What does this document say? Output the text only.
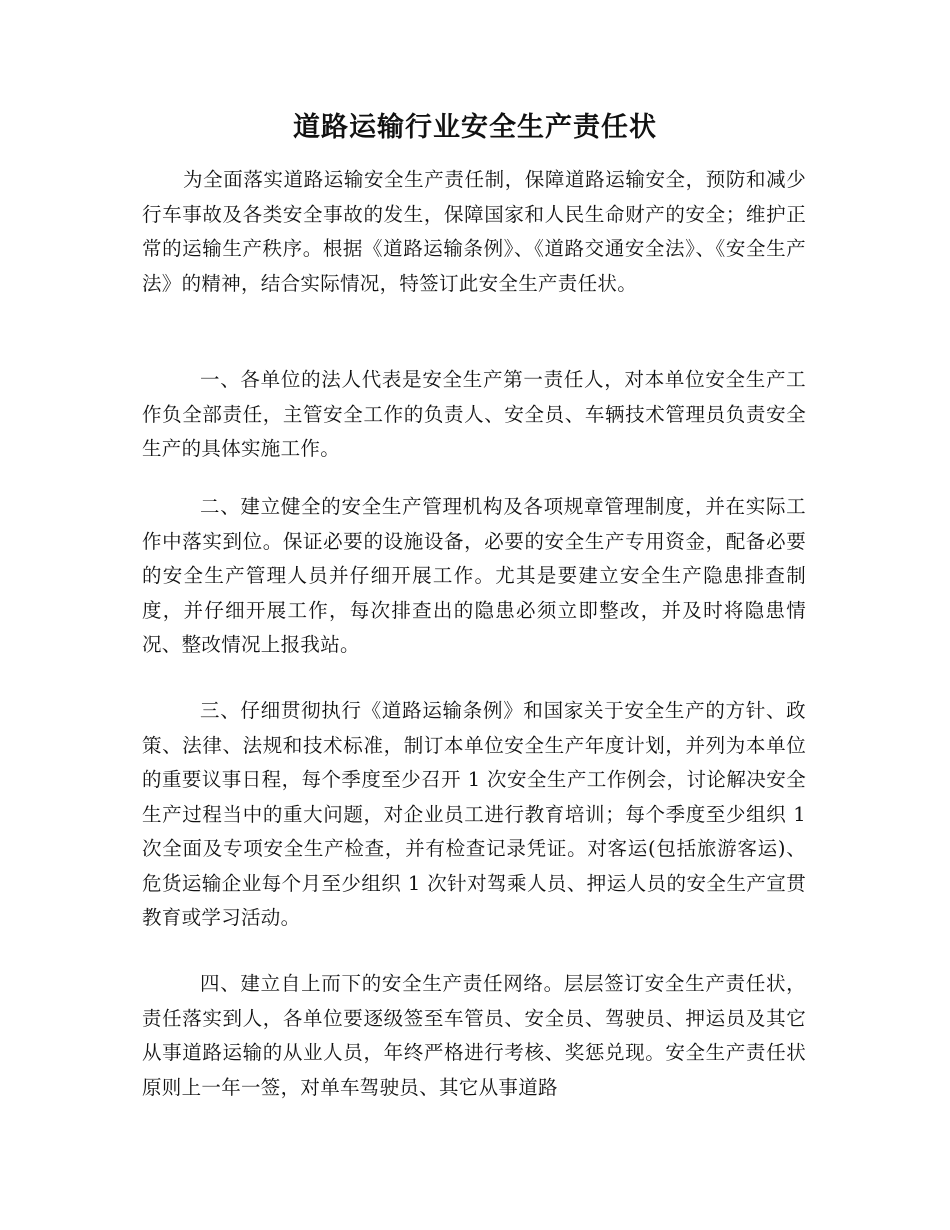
道路运输行业安全生产责任状

为全面落实道路运输安全生产责任制，保障道路运输安全，预防和减少行车事故及各类安全事故的发生，保障国家和人民生命财产的安全；维护正常的运输生产秩序。根据《道路运输条例》、《道路交通安全法》、《安全生产法》的精神，结合实际情况，特签订此安全生产责任状。

一、各单位的法人代表是安全生产第一责任人，对本单位安全生产工作负全部责任，主管安全工作的负责人、安全员、车辆技术管理员负责安全生产的具体实施工作。

二、建立健全的安全生产管理机构及各项规章管理制度，并在实际工作中落实到位。保证必要的设施设备，必要的安全生产专用资金，配备必要的安全生产管理人员并仔细开展工作。尤其是要建立安全生产隐患排查制度，并仔细开展工作，每次排查出的隐患必须立即整改，并及时将隐患情况、整改情况上报我站。

三、仔细贯彻执行《道路运输条例》和国家关于安全生产的方针、政策、法律、法规和技术标准，制订本单位安全生产年度计划，并列为本单位的重要议事日程，每个季度至少召开 1 次安全生产工作例会，讨论解决安全生产过程当中的重大问题，对企业员工进行教育培训；每个季度至少组织 1 次全面及专项安全生产检查，并有检查记录凭证。对客运(包括旅游客运)、危货运输企业每个月至少组织 1 次针对驾乘人员、押运人员的安全生产宣贯教育或学习活动。

四、建立自上而下的安全生产责任网络。层层签订安全生产责任状，责任落实到人，各单位要逐级签至车管员、安全员、驾驶员、押运员及其它从事道路运输的从业人员，年终严格进行考核、奖惩兑现。安全生产责任状原则上一年一签，对单车驾驶员、其它从事道路
